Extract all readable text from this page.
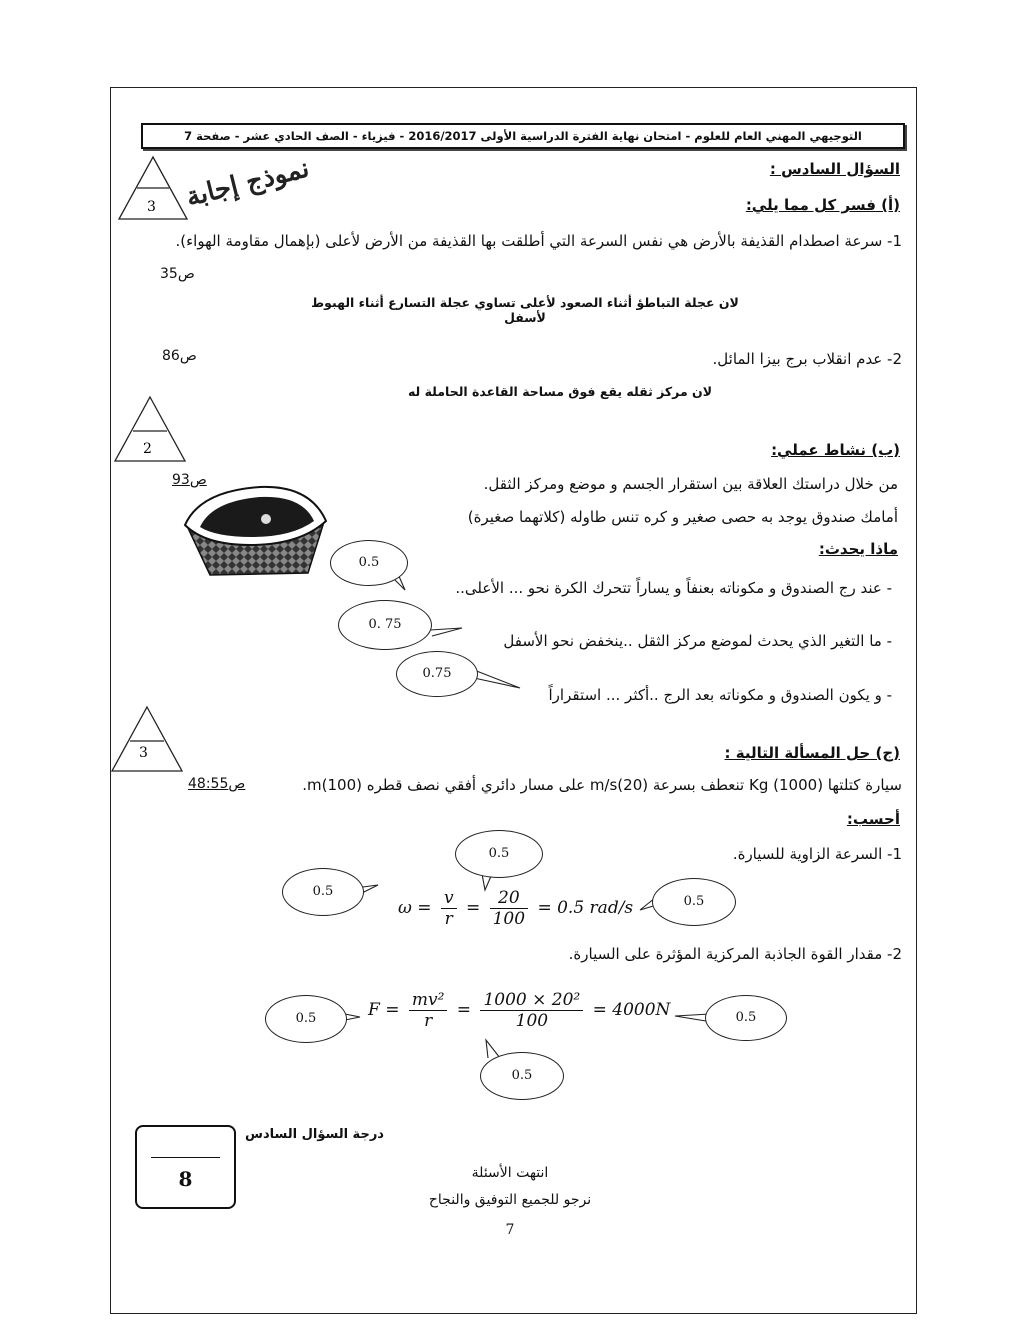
التوجيهي المهني العام للعلوم - امتحان نهاية الفترة الدراسية الأولى 2016/2017 - فيزياء - الصف الحادي عشر - صفحة 7
نموذج إجابة
3
السؤال السادس :
(أ) فسر كل مما يلي:
1- سرعة اصطدام القذيفة بالأرض هي نفس السرعة التي أطلقت بها القذيفة من الأرض لأعلى (بإهمال مقاومة الهواء).
ص35
لان عجلة التباطؤ أثناء الصعود لأعلى تساوي عجلة التسارع أثناء الهبوط لأسفل
2- عدم انقلاب برج بيزا المائل.
ص86
لان مركز ثقله يقع فوق مساحة القاعدة الحاملة له
2	(ب) نشاط عملي:
ص93	من خلال دراستك العلاقة بين استقرار الجسم و موضع ومركز الثقل.
أمامك صندوق يوجد به حصى صغير و كره تنس طاوله (كلاتهما صغيرة)
ماذا يحدث:
- عند رج الصندوق و مكوناته بعنفاً و يساراً تتحرك الكرة نحو ... الأعلى..
- ما التغير الذي يحدث لموضع مركز الثقل ..ينخفض نحو الأسفل
- و يكون الصندوق و مكوناته بعد الرج ..أكثر ... استقراراً
0.5
0. 75
0.75
3	(ج) حل المسألة التالية :
سيارة كتلتها (1000) Kg تنعطف بسرعة (20)m/s على مسار دائري أفقي نصف قطره (100)m.
ص48:55
أحسب:
1- السرعة الزاوية للسيارة.
$\omega = \frac{v}{r} = \frac{20}{100} = 0.5$ rad/s
2- مقدار القوة الجاذبة المركزية المؤثرة على السيارة.
$F = \frac{\text{mv²}}{r} = \frac{\text{1000 × 20²}}{100} = 4000N$
0.5
0.5
0.5
0.5	0.5
0.5
درجة السؤال السادس
8	انتهت الأسئلة
نرجو للجميع التوفيق والنجاح
7
